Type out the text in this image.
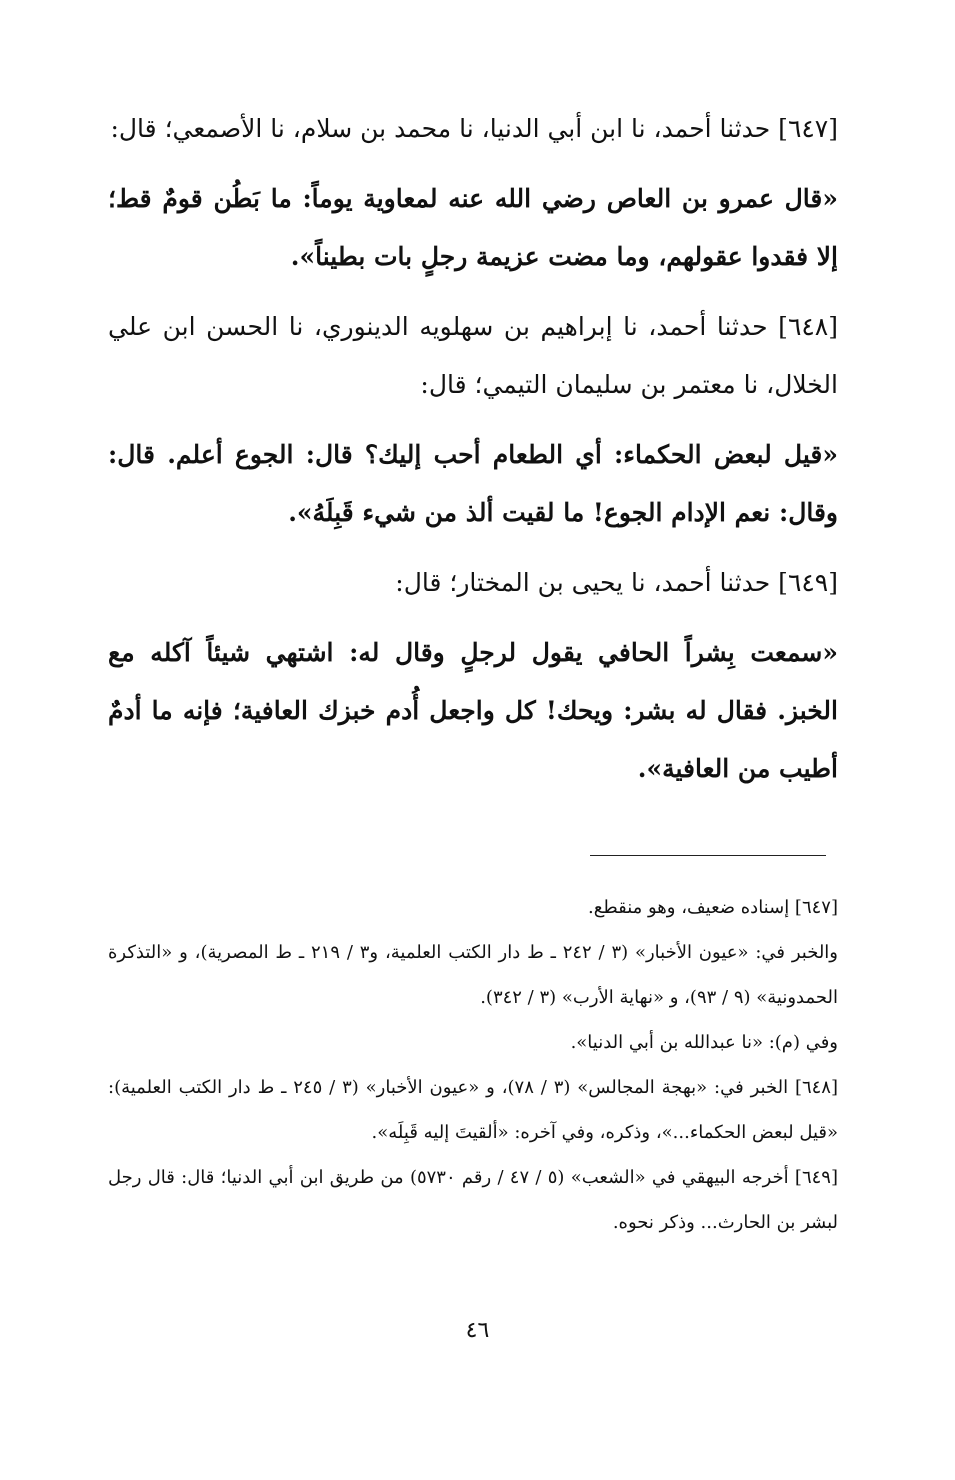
[٦٤٧] حدثنا أحمد، نا ابن أبي الدنيا، نا محمد بن سلام، نا الأصمعي؛ قال:

«قال عمرو بن العاص رضي الله عنه لمعاوية يوماً: ما بَطُن قومٌ قط؛ إلا فقدوا عقولهم، وما مضت عزيمة رجلٍ بات بطيناً».

[٦٤٨] حدثنا أحمد، نا إبراهيم بن سهلويه الدينوري، نا الحسن ابن علي الخلال، نا معتمر بن سليمان التيمي؛ قال:

«قيل لبعض الحكماء: أي الطعام أحب إليك؟ قال: الجوع أعلم. قال: وقال: نعم الإدام الجوع! ما لقيت ألذ من شيء قَبِلَهُ».

[٦٤٩] حدثنا أحمد، نا يحيى بن المختار؛ قال:

«سمعت بِشراً الحافي يقول لرجلٍ وقال له: اشتهي شيئاً آكله مع الخبز. فقال له بشر: ويحك! كل واجعل أُدم خبزك العافية؛ فإنه ما أدمٌ أطيب من العافية».

[٦٤٧] إسناده ضعيف، وهو منقطع.

والخبر في: «عيون الأخبار» (٣ / ٢٤٢ ـ ط دار الكتب العلمية، و٣ / ٢١٩ ـ ط المصرية)، و «التذكرة الحمدونية» (٩ / ٩٣)، و «نهاية الأرب» (٣ / ٣٤٢).

وفي (م): «نا عبدالله بن أبي الدنيا».

[٦٤٨] الخبر في: «بهجة المجالس» (٣ / ٧٨)، و «عيون الأخبار» (٣ / ٢٤٥ ـ ط دار الكتب العلمية): «قيل لبعض الحكماء...»، وذكره، وفي آخره: «ألقيتَ إليه قَبِلَه».

[٦٤٩] أخرجه البيهقي في «الشعب» (٥ / ٤٧ / رقم ٥٧٣٠) من طريق ابن أبي الدنيا؛ قال: قال رجل لبشر بن الحارث... وذكر نحوه.

٤٦
